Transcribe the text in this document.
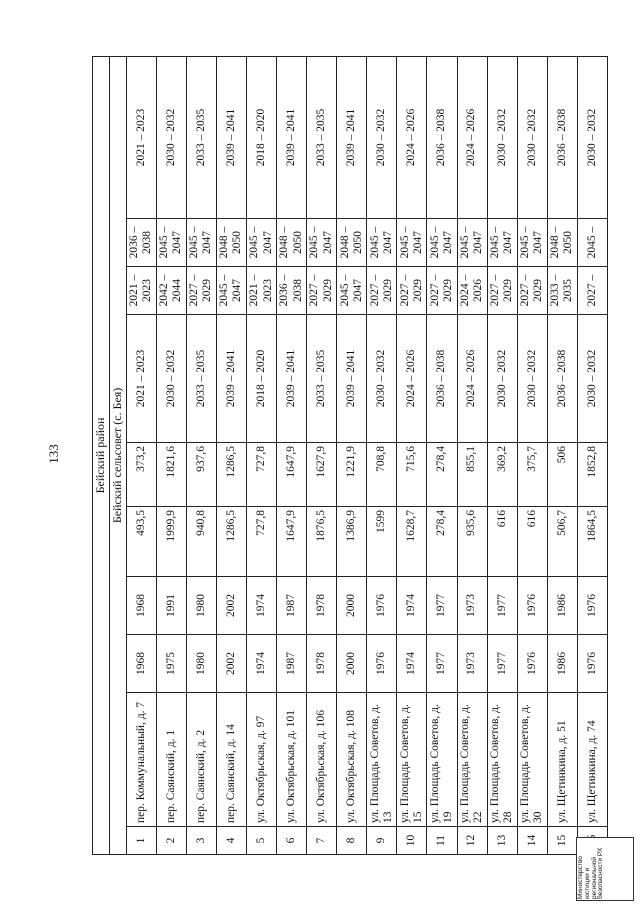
133	Бейский район									
Бейский сельсовет (с. Бея)									
1	пер. Коммунальный, д. 7	1968	1968	493,5	373,2	2021 – 2023	2021 – 2023	2036 – 2038		2021 – 2023
2	пер. Саянский, д. 1	1975	1991	1999,9	1821,6	2030 – 2032	2042 – 2044	2045 – 2047		2030 – 2032
3	пер. Саянский, д. 2	1980	1980	940,8	937,6	2033 – 2035	2027 – 2029	2045 – 2047		2033 – 2035
4	пер. Саянский, д. 14	2002	2002	1286,5	1286,5	2039 – 2041	2045 – 2047	2048 – 2050		2039 – 2041
5	ул. Октябрьская, д. 97	1974	1974	727,8	727,8	2018 – 2020	2021 – 2023	2045 – 2047		2018 – 2020
6	ул. Октябрьская, д. 101	1987	1987	1647,9	1647,9	2039 – 2041	2036 – 2038	2048 – 2050		2039 – 2041
7	ул. Октябрьская, д. 106	1978	1978	1876,5	1627,9	2033 – 2035	2027 – 2029	2045 – 2047		2033 – 2035
8	ул. Октябрьская, д. 108	2000	2000	1386,9	1221,9	2039 – 2041	2045 – 2047	2048 – 2050		2039 – 2041
9	ул. Площадь Советов, д. 13	1976	1976	1599	708,8	2030 – 2032	2027 – 2029	2045 – 2047		2030 – 2032
10	ул. Площадь Советов, д. 15	1974	1974	1628,7	715,6	2024 – 2026	2027 – 2029	2045 – 2047		2024 – 2026
11	ул. Площадь Советов, д. 19	1977	1977	278,4	278,4	2036 – 2038	2027 – 2029	2045 – 2047		2036 – 2038
12	ул. Площадь Советов, д. 22	1973	1973	935,6	855,1	2024 – 2026	2024 – 2026	2045 – 2047		2024 – 2026
13	ул. Площадь Советов, д. 28	1977	1977	616	369,2	2030 – 2032	2027 – 2029	2045 – 2047		2030 – 2032
14	ул. Площадь Советов, д. 30	1976	1976	616	375,7	2030 – 2032	2027 – 2029	2045 – 2047		2030 – 2032
15	ул. Щетинкина, д. 51	1986	1986	506,7	506	2036 – 2038	2033 – 2035	2048 – 2050		2036 – 2038
	ул. Щетинкина, д. 74	1976	1976	1864,5	1852,8	2030 – 2032	2027 –	2045 –		2030 – 2032
Министерство юстиции и региональной безопасности РХ
